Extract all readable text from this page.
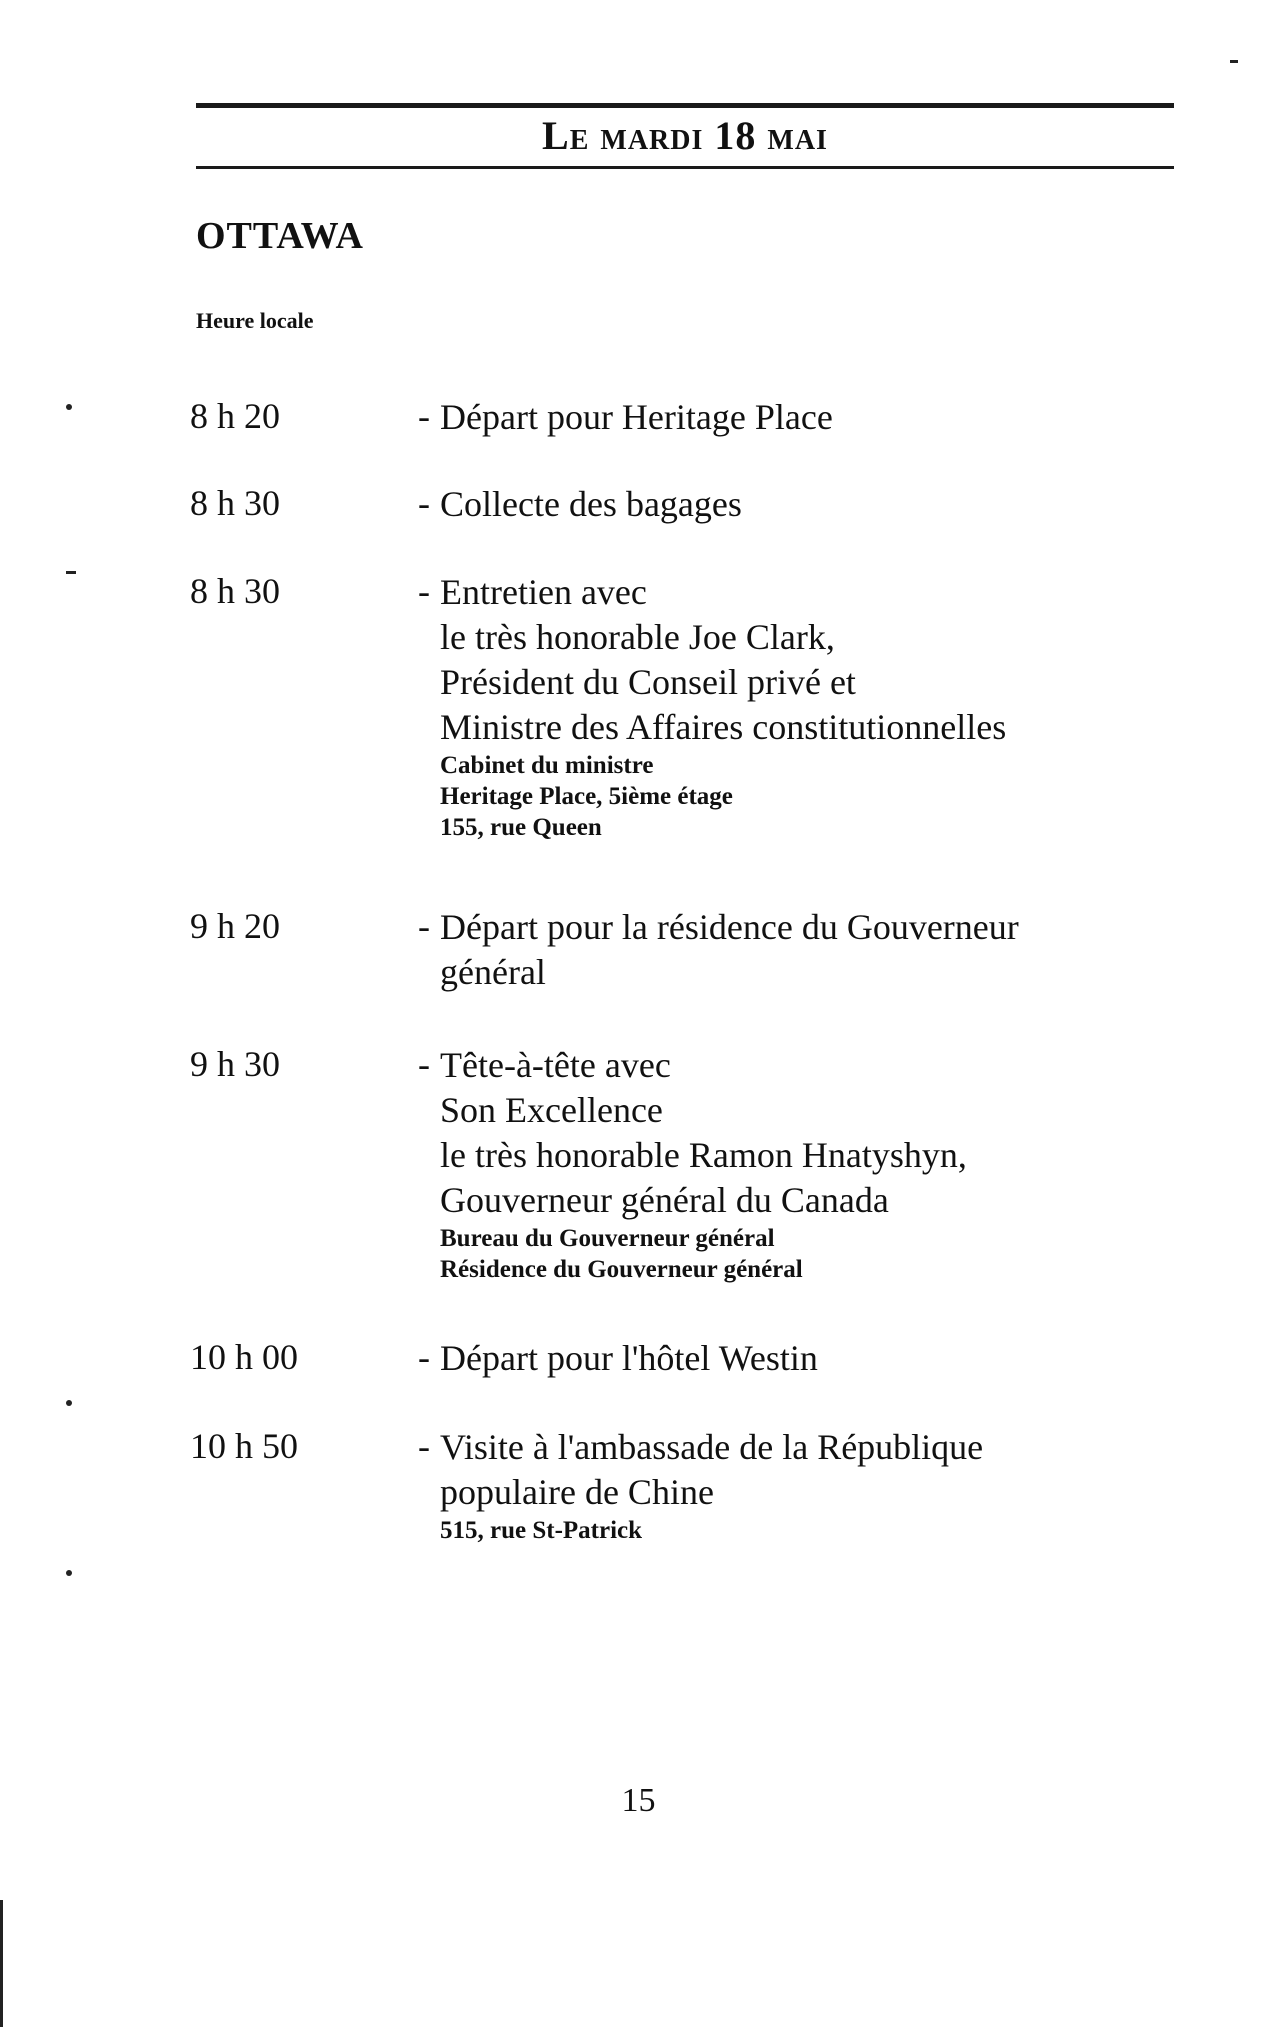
Le mardi 18 mai
OTTAWA
Heure locale
8 h 20	- Départ pour Heritage Place
8 h 30	- Collecte des bagages
8 h 30	- Entretien avec
le très honorable Joe Clark,
Président du Conseil privé et
Ministre des Affaires constitutionnelles
Cabinet du ministre
Heritage Place, 5ième étage
155, rue Queen
9 h 20	- Départ pour la résidence du Gouverneur
général
9 h 30	- Tête-à-tête avec
Son Excellence
le très honorable Ramon Hnatyshyn,
Gouverneur général du Canada
Bureau du Gouverneur général
Résidence du Gouverneur général
10 h 00	- Départ pour l'hôtel Westin
10 h 50	- Visite à l'ambassade de la République
populaire de Chine
515, rue St-Patrick
15
